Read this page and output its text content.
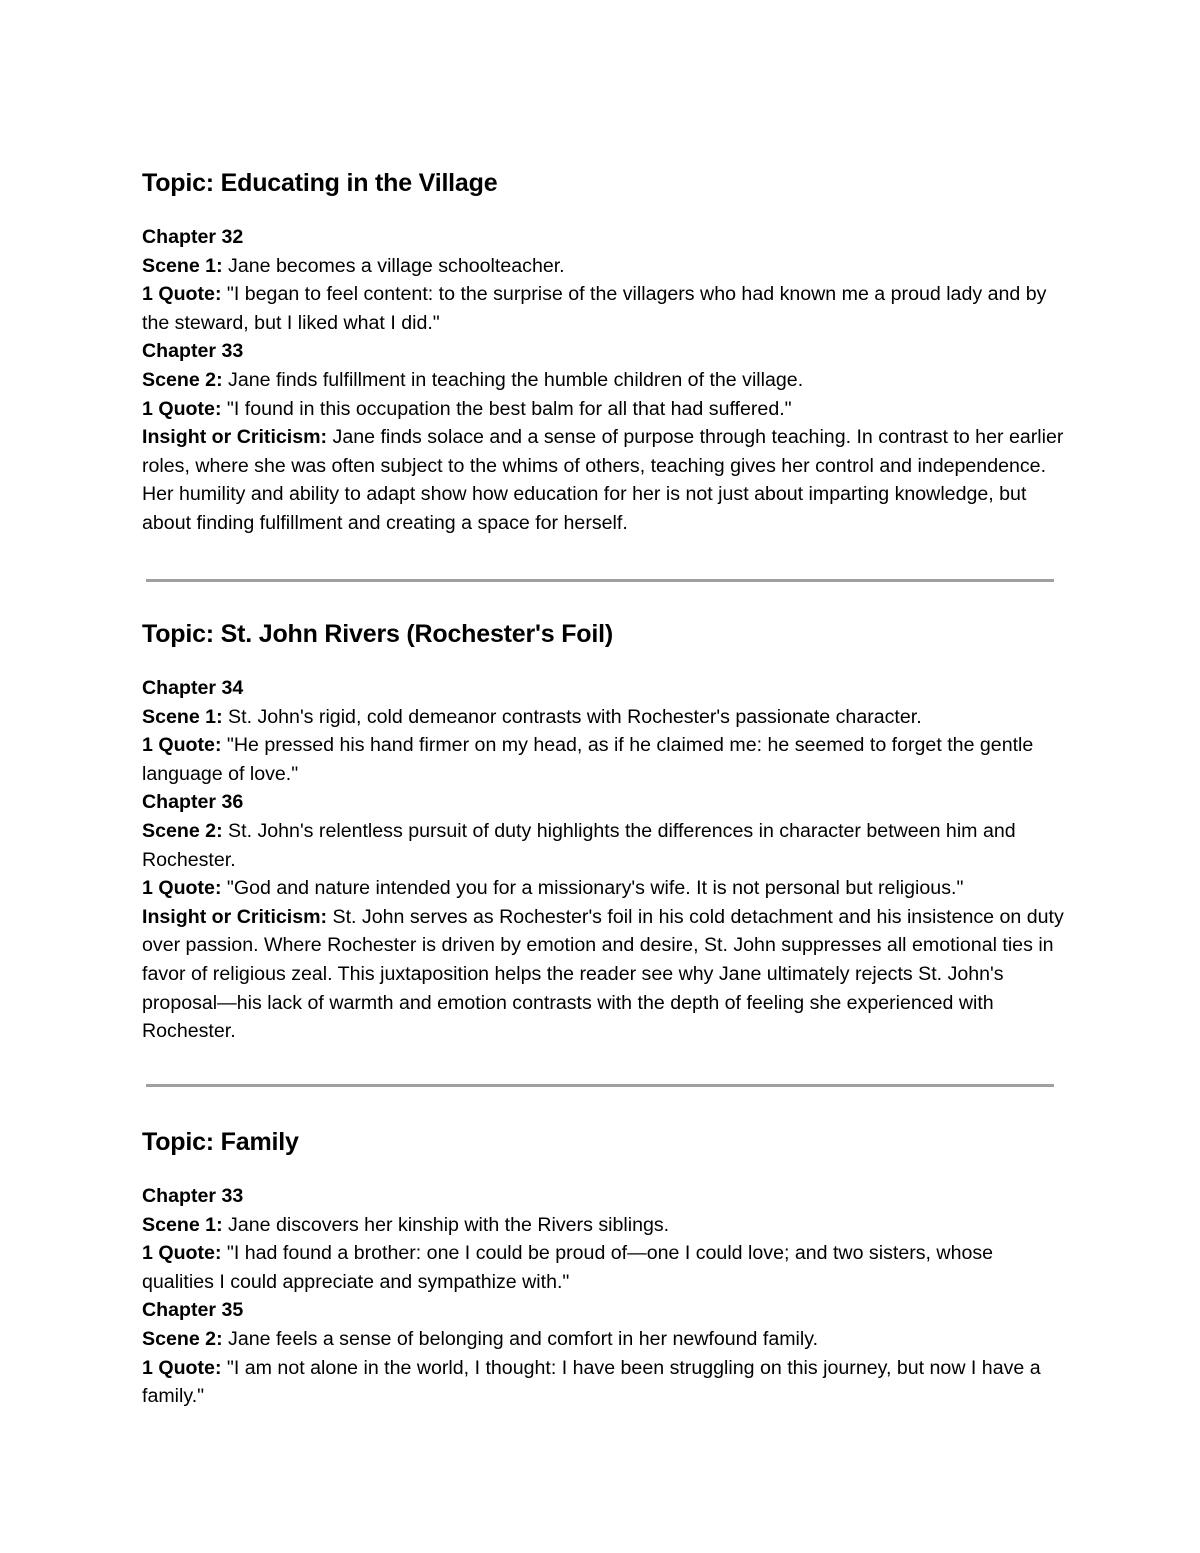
Topic: Educating in the Village
Chapter 32
Scene 1: Jane becomes a village schoolteacher.
1 Quote: "I began to feel content: to the surprise of the villagers who had known me a proud lady and by the steward, but I liked what I did."
Chapter 33
Scene 2: Jane finds fulfillment in teaching the humble children of the village.
1 Quote: "I found in this occupation the best balm for all that had suffered."
Insight or Criticism: Jane finds solace and a sense of purpose through teaching. In contrast to her earlier roles, where she was often subject to the whims of others, teaching gives her control and independence. Her humility and ability to adapt show how education for her is not just about imparting knowledge, but about finding fulfillment and creating a space for herself.
Topic: St. John Rivers (Rochester's Foil)
Chapter 34
Scene 1: St. John's rigid, cold demeanor contrasts with Rochester's passionate character.
1 Quote: "He pressed his hand firmer on my head, as if he claimed me: he seemed to forget the gentle language of love."
Chapter 36
Scene 2: St. John's relentless pursuit of duty highlights the differences in character between him and Rochester.
1 Quote: "God and nature intended you for a missionary's wife. It is not personal but religious."
Insight or Criticism: St. John serves as Rochester's foil in his cold detachment and his insistence on duty over passion. Where Rochester is driven by emotion and desire, St. John suppresses all emotional ties in favor of religious zeal. This juxtaposition helps the reader see why Jane ultimately rejects St. John's proposal—his lack of warmth and emotion contrasts with the depth of feeling she experienced with Rochester.
Topic: Family
Chapter 33
Scene 1: Jane discovers her kinship with the Rivers siblings.
1 Quote: "I had found a brother: one I could be proud of—one I could love; and two sisters, whose qualities I could appreciate and sympathize with."
Chapter 35
Scene 2: Jane feels a sense of belonging and comfort in her newfound family.
1 Quote: "I am not alone in the world, I thought: I have been struggling on this journey, but now I have a family."
